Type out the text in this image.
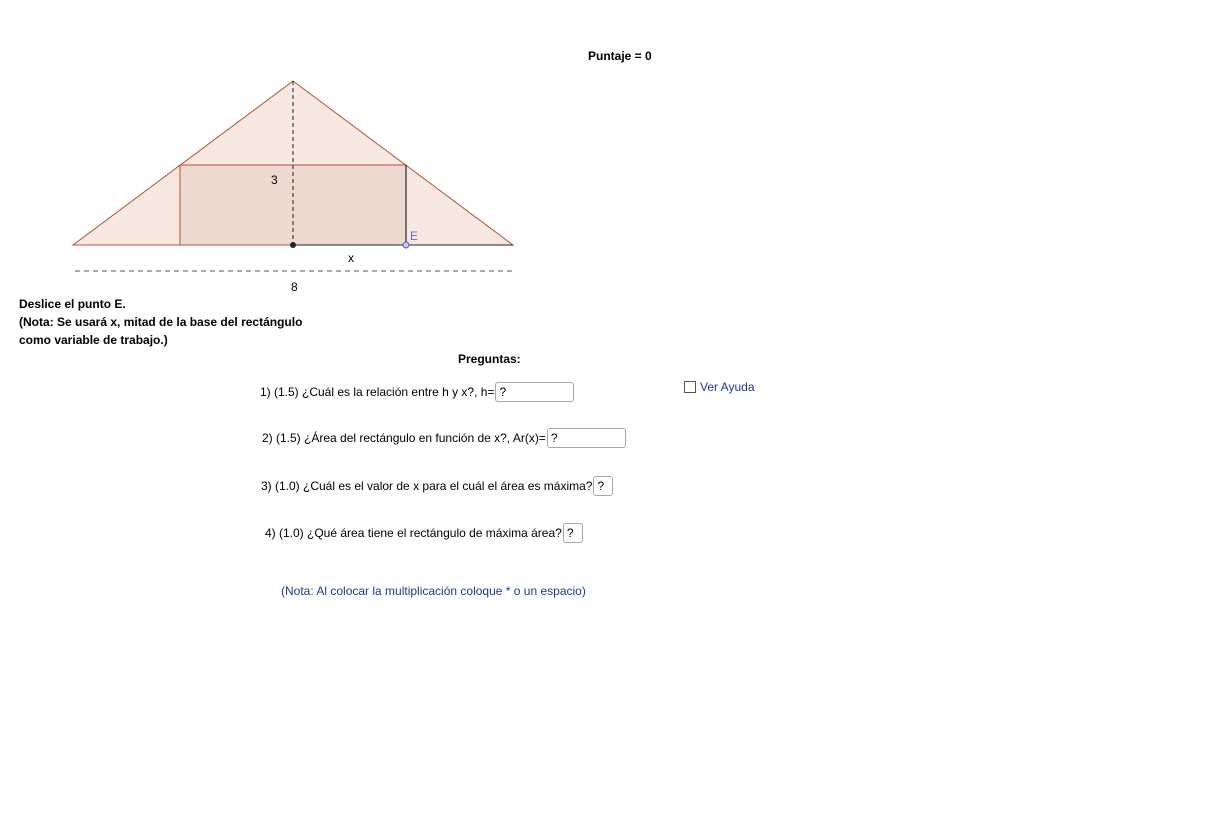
3
x
8
E
Puntaje = 0
Deslice el punto E.
(Nota: Se usará x, mitad de la base del rectángulo
como variable de trabajo.)
Preguntas:
1) (1.5) ¿Cuál es la relación entre h y x?, h=
?
2) (1.5) ¿Área del rectángulo en función de x?, Ar(x)=
?
3) (1.0) ¿Cuál es el valor de x para el cuál el área es máxima?
?
4) (1.0) ¿Qué área tiene el rectángulo de máxima área?
?
Ver Ayuda
(Nota: Al colocar la multiplicación coloque * o un espacio)
